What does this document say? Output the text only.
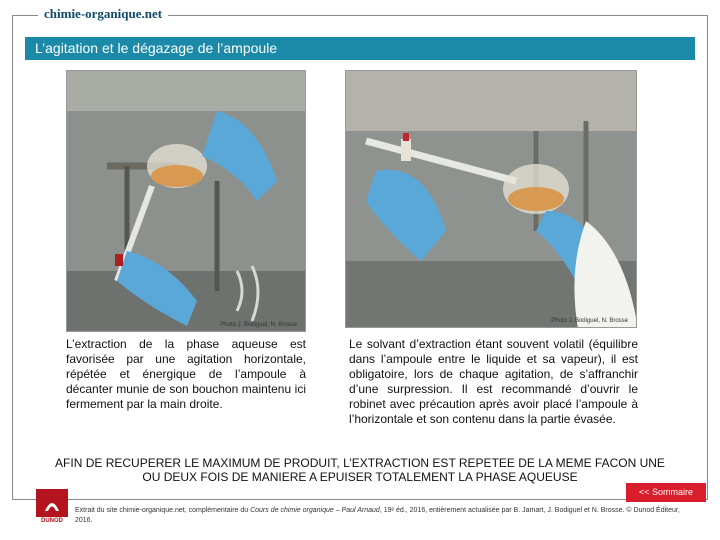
chimie-organique.net
L’agitation et le dégazage de l’ampoule
Photo J. Bodiguel, N. Brosse
Photo J. Bodiguel, N. Brosse
L’extraction de la phase aqueuse est favorisée par une agitation horizontale, répétée et énergique de l’ampoule à décanter munie de son bouchon maintenu ici fermement par la main droite.
Le solvant d’extraction étant souvent volatil (équilibre dans l’ampoule entre le liquide et sa vapeur), il est obligatoire, lors de chaque agitation, de s’affranchir d’une surpression. Il est recommandé d’ouvrir le robinet avec précaution après avoir placé l’ampoule à l’horizontale et son contenu dans la partie évasée.
AFIN DE RECUPERER LE MAXIMUM DE PRODUIT, L’EXTRACTION EST REPETEE DE LA MEME FACON UNE OU DEUX FOIS DE MANIERE A EPUISER TOTALEMENT LA PHASE AQUEUSE
<< Sommaire
DUNOD
Extrait du site chimie-organique.net, complémentaire du Cours de chimie organique – Paul Arnaud, 19ᵉ éd., 2016, entièrement actualisée par B. Jamart, J. Bodiguel et N. Brosse. © Dunod Éditeur, 2016.
